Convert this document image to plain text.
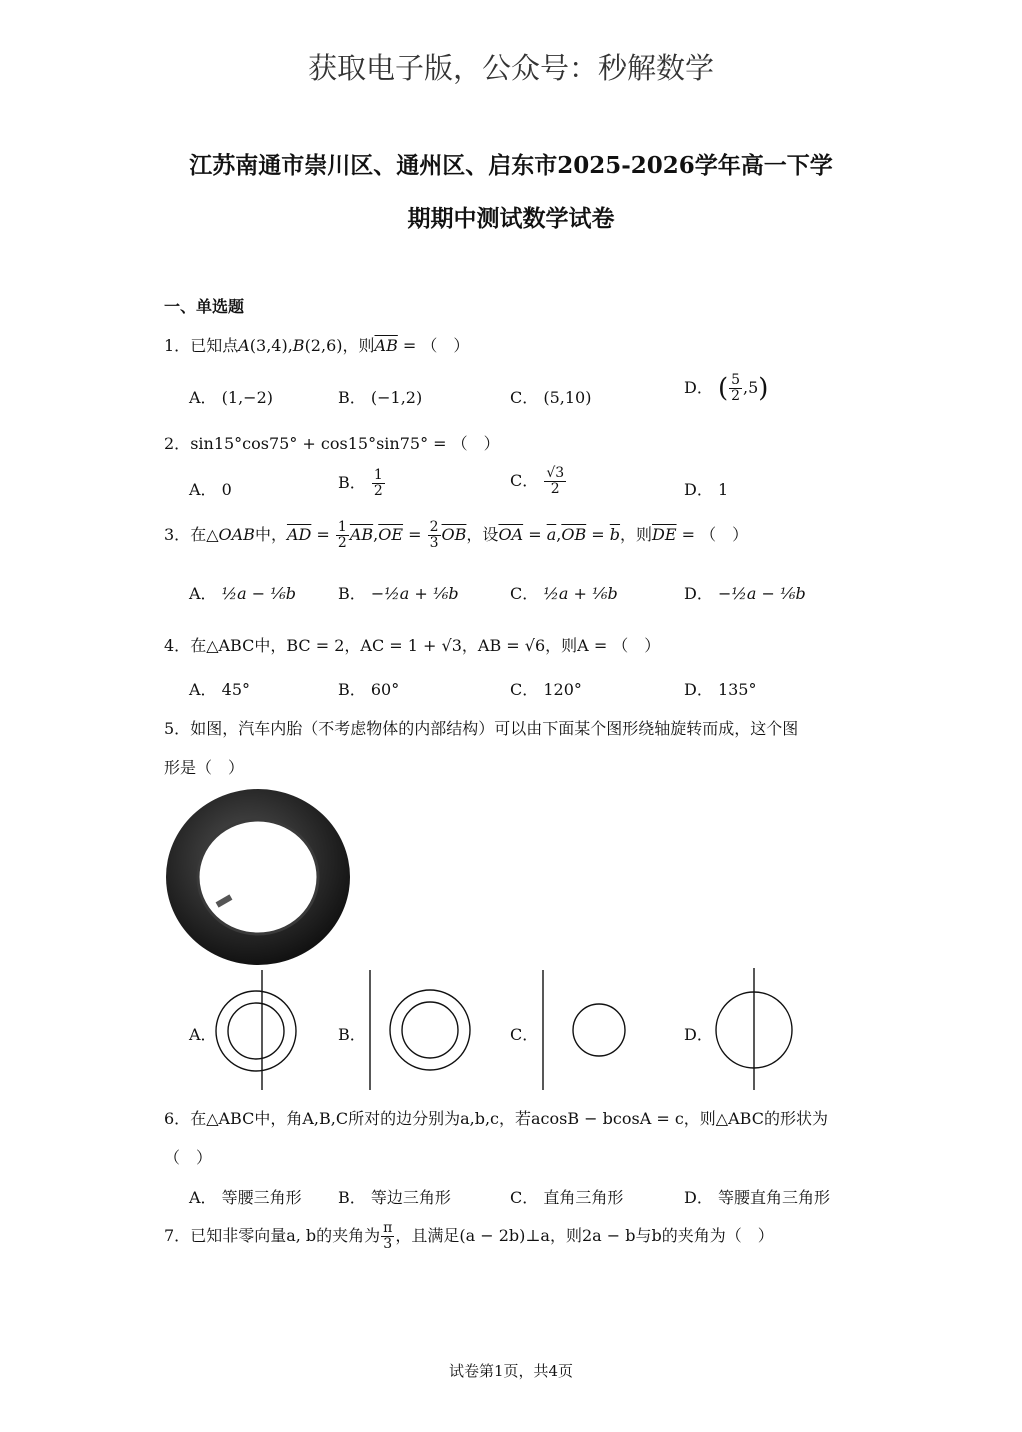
获取电子版，公众号：秒解数学
江苏南通市崇川区、通州区、启东市2025-2026学年高一下学
期期中测试数学试卷
一、单选题
1．已知点A(3,4),B(2,6)，则$\overline{AB}$ = （　）
A． (1,−2)	B． (−1,2)	C． (5,10)
D． ( $\frac{5}{2} ,5$)
2．sin15°cos75° + cos15°sin75° = （　）
A． 0	B． $\frac{1}{2}$	C． $\frac{√3}{2}$	D． 1
3．在△OAB中，$\overline{AD} = \frac{1}{2} \overline{AB},\overline{OE} = \frac{2}{3} \overline{OB}$，设$\overline{OA} = \overline{a},\overline{OB} = \overline{b}$，则$\overline{DE}$ = （　）
A． ½a − ⅙b	B． −½a + ⅙b	C． ½a + ⅙b	D． −½a − ⅙b
4．在△ABC中，BC = 2，AC = 1 + √3，AB = √6，则A = （　）
A． 45°	B． 60°	C． 120°	D． 135°
5．如图，汽车内胎（不考虑物体的内部结构）可以由下面某个图形绕轴旋转而成，这个图
形是（　）
A．	B．	C．	D．
6．在△ABC中，角A,B,C所对的边分别为a,b,c，若acosB − bcosA = c，则△ABC的形状为
（　）
A． 等腰三角形 B． 等边三角形	C． 直角三角形	D． 等腰直角三角形
7．已知非零向量a, b的夹角为 $\frac{\pi}{3}$ ，且满足(a − 2b)⊥a，则2a − b与b的夹角为（　）
试卷第1页，共4页
